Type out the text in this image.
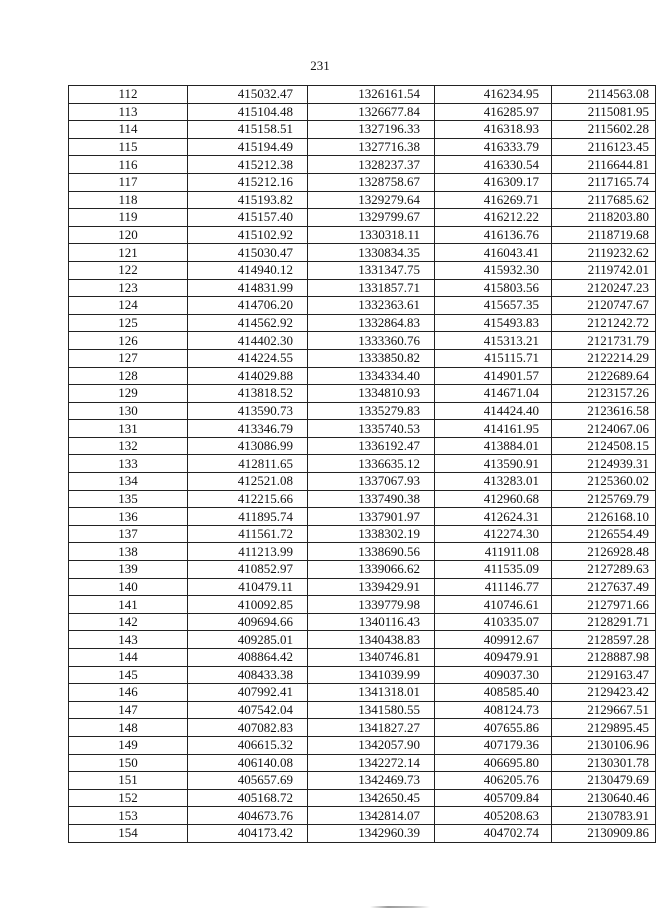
231
112	415032.47	1326161.54	416234.95	2114563.08
113	415104.48	1326677.84	416285.97	2115081.95
114	415158.51	1327196.33	416318.93	2115602.28
115	415194.49	1327716.38	416333.79	2116123.45
116	415212.38	1328237.37	416330.54	2116644.81
117	415212.16	1328758.67	416309.17	2117165.74
118	415193.82	1329279.64	416269.71	2117685.62
119	415157.40	1329799.67	416212.22	2118203.80
120	415102.92	1330318.11	416136.76	2118719.68
121	415030.47	1330834.35	416043.41	2119232.62
122	414940.12	1331347.75	415932.30	2119742.01
123	414831.99	1331857.71	415803.56	2120247.23
124	414706.20	1332363.61	415657.35	2120747.67
125	414562.92	1332864.83	415493.83	2121242.72
126	414402.30	1333360.76	415313.21	2121731.79
127	414224.55	1333850.82	415115.71	2122214.29
128	414029.88	1334334.40	414901.57	2122689.64
129	413818.52	1334810.93	414671.04	2123157.26
130	413590.73	1335279.83	414424.40	2123616.58
131	413346.79	1335740.53	414161.95	2124067.06
132	413086.99	1336192.47	413884.01	2124508.15
133	412811.65	1336635.12	413590.91	2124939.31
134	412521.08	1337067.93	413283.01	2125360.02
135	412215.66	1337490.38	412960.68	2125769.79
136	411895.74	1337901.97	412624.31	2126168.10
137	411561.72	1338302.19	412274.30	2126554.49
138	411213.99	1338690.56	411911.08	2126928.48
139	410852.97	1339066.62	411535.09	2127289.63
140	410479.11	1339429.91	411146.77	2127637.49
141	410092.85	1339779.98	410746.61	2127971.66
142	409694.66	1340116.43	410335.07	2128291.71
143	409285.01	1340438.83	409912.67	2128597.28
144	408864.42	1340746.81	409479.91	2128887.98
145	408433.38	1341039.99	409037.30	2129163.47
146	407992.41	1341318.01	408585.40	2129423.42
147	407542.04	1341580.55	408124.73	2129667.51
148	407082.83	1341827.27	407655.86	2129895.45
149	406615.32	1342057.90	407179.36	2130106.96
150	406140.08	1342272.14	406695.80	2130301.78
151	405657.69	1342469.73	406205.76	2130479.69
152	405168.72	1342650.45	405709.84	2130640.46
153	404673.76	1342814.07	405208.63	2130783.91
154	404173.42	1342960.39	404702.74	2130909.86
